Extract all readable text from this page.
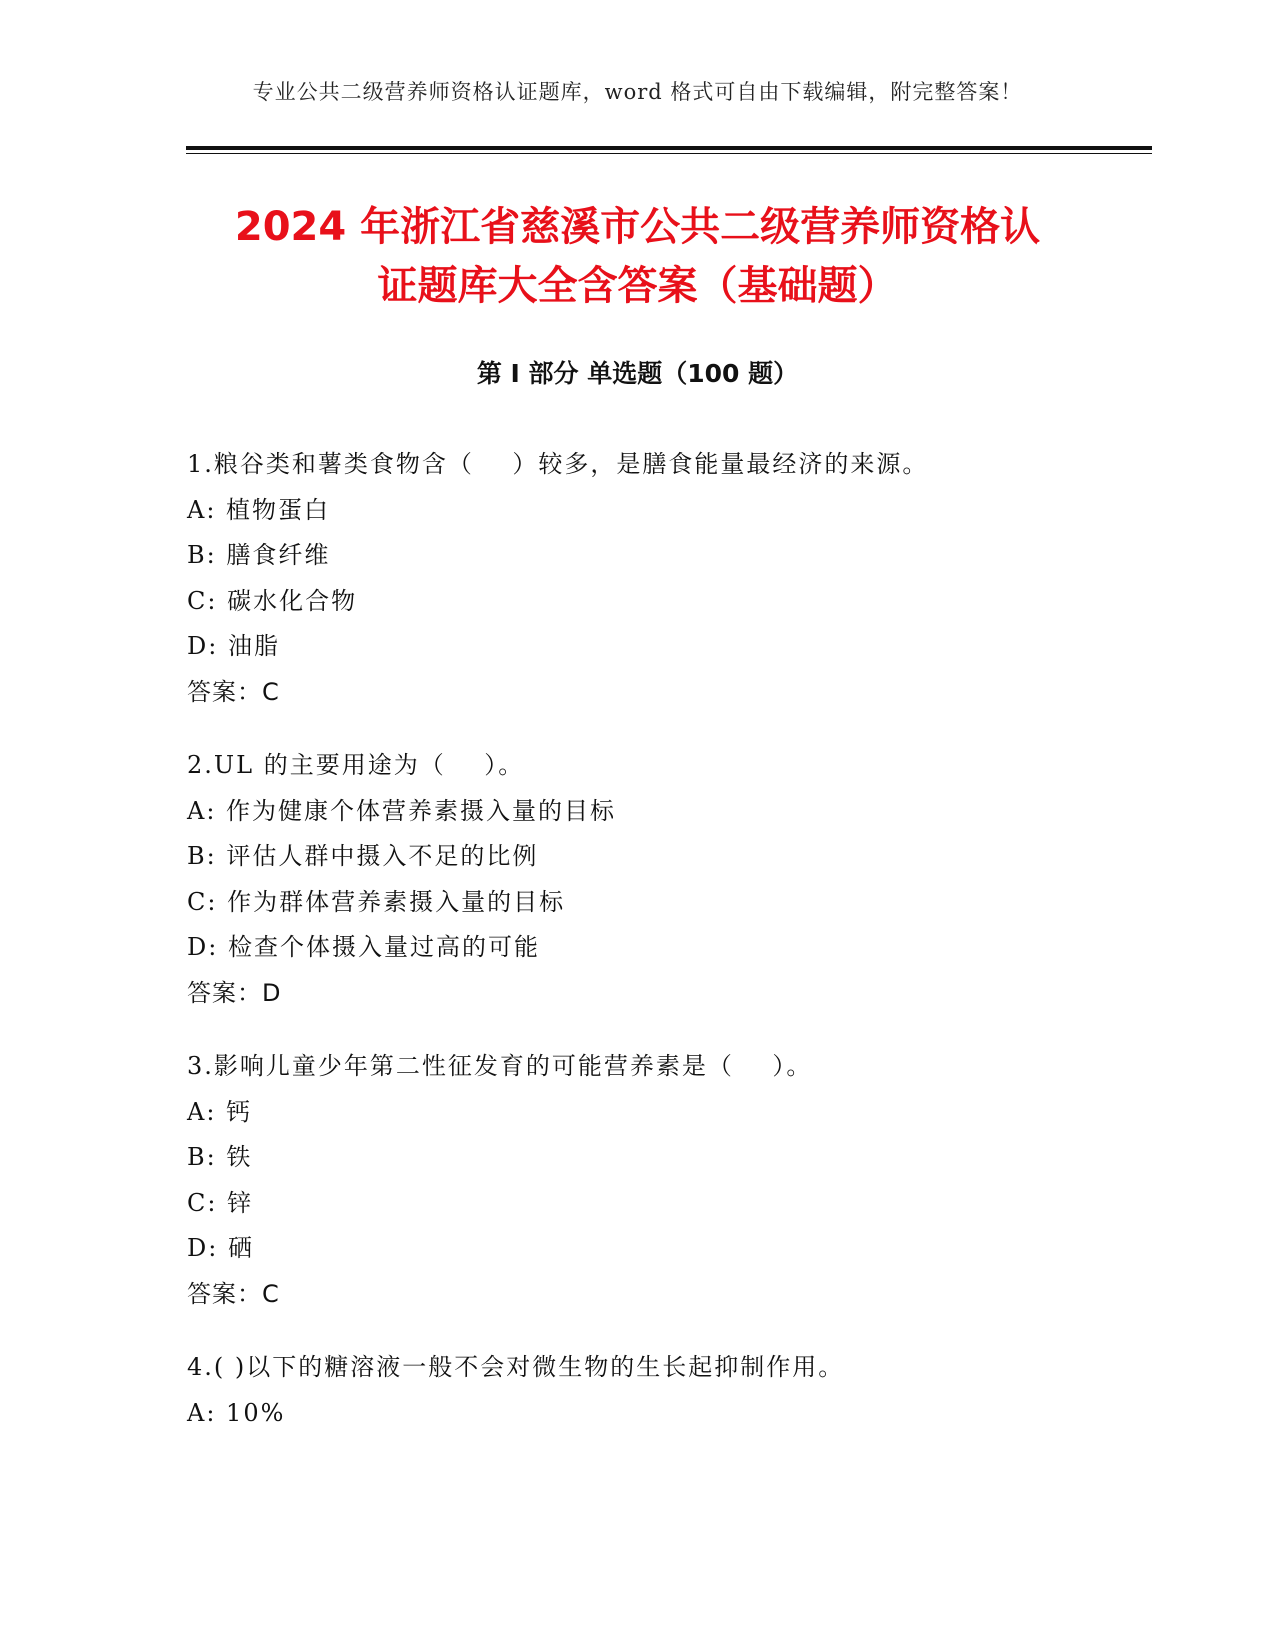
专业公共二级营养师资格认证题库，word 格式可自由下载编辑，附完整答案！
2024 年浙江省慈溪市公共二级营养师资格认
证题库大全含答案（基础题）
第 I 部分 单选题（100 题）
1.粮谷类和薯类食物含（    ）较多，是膳食能量最经济的来源。
A: 植物蛋白
B: 膳食纤维
C: 碳水化合物
D: 油脂
答案：C
2.UL 的主要用途为（    ）。
A: 作为健康个体营养素摄入量的目标
B: 评估人群中摄入不足的比例
C: 作为群体营养素摄入量的目标
D: 检查个体摄入量过高的可能
答案：D
3.影响儿童少年第二性征发育的可能营养素是（    ）。
A: 钙
B: 铁
C: 锌
D: 硒
答案：C
4.( )以下的糖溶液一般不会对微生物的生长起抑制作用。
A: 10%
